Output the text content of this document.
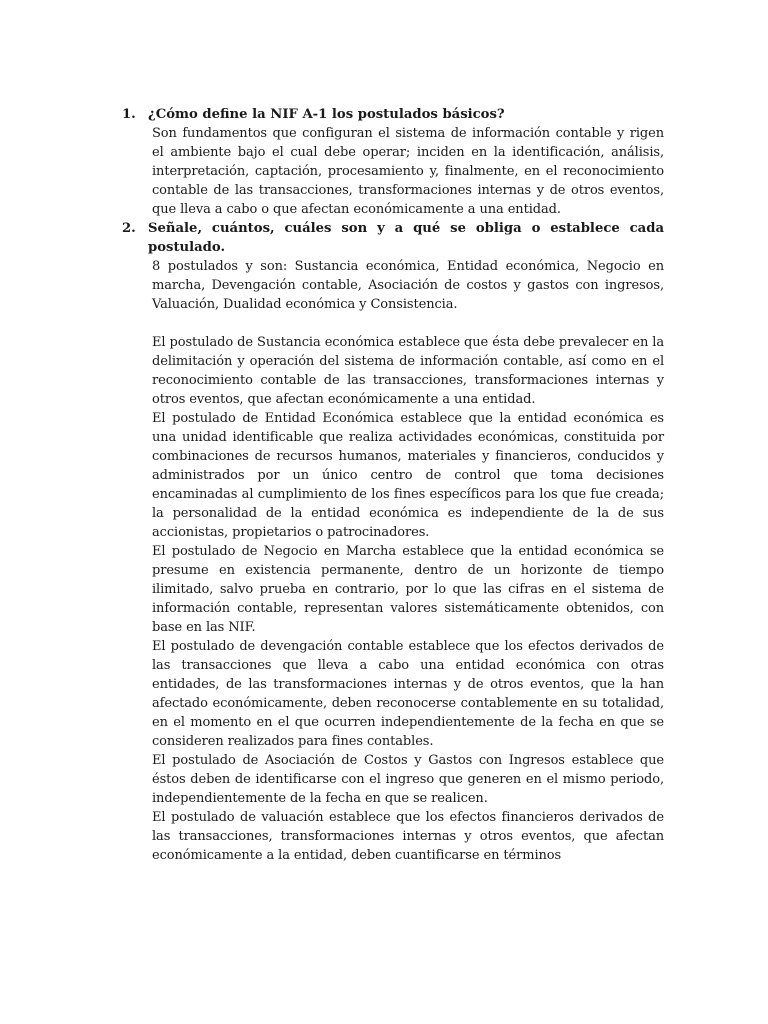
1. ¿Cómo define la NIF A-1 los postulados básicos?
Son fundamentos que configuran el sistema de información contable y rigen el ambiente bajo el cual debe operar; inciden en la identificación, análisis, interpretación, captación, procesamiento y, finalmente, en el reconocimiento contable de las transacciones, transformaciones internas y de otros eventos, que lleva a cabo o que afectan económicamente a una entidad.
2. Señale, cuántos, cuáles son y a qué se obliga o establece cada postulado.
8 postulados y son: Sustancia económica, Entidad económica, Negocio en marcha, Devengación contable, Asociación de costos y gastos con ingresos, Valuación, Dualidad económica y Consistencia.
El postulado de Sustancia económica establece que ésta debe prevalecer en la delimitación y operación del sistema de información contable, así como en el reconocimiento contable de las transacciones, transformaciones internas y otros eventos, que afectan económicamente a una entidad.
El postulado de Entidad Económica establece que la entidad económica es una unidad identificable que realiza actividades económicas, constituida por combinaciones de recursos humanos, materiales y financieros, conducidos y administrados por un único centro de control que toma decisiones encaminadas al cumplimiento de los fines específicos para los que fue creada; la personalidad de la entidad económica es independiente de la de sus accionistas, propietarios o patrocinadores.
El postulado de Negocio en Marcha establece que la entidad económica se presume en existencia permanente, dentro de un horizonte de tiempo ilimitado, salvo prueba en contrario, por lo que las cifras en el sistema de información contable, representan valores sistemáticamente obtenidos, con base en las NIF.
El postulado de devengación contable establece que los efectos derivados de las transacciones que lleva a cabo una entidad económica con otras entidades, de las transformaciones internas y de otros eventos, que la han afectado económicamente, deben reconocerse contablemente en su totalidad, en el momento en el que ocurren independientemente de la fecha en que se consideren realizados para fines contables.
El postulado de Asociación de Costos y Gastos con Ingresos establece que éstos deben de identificarse con el ingreso que generen en el mismo periodo, independientemente de la fecha en que se realicen.
El postulado de valuación establece que los efectos financieros derivados de las transacciones, transformaciones internas y otros eventos, que afectan económicamente a la entidad, deben cuantificarse en términos
